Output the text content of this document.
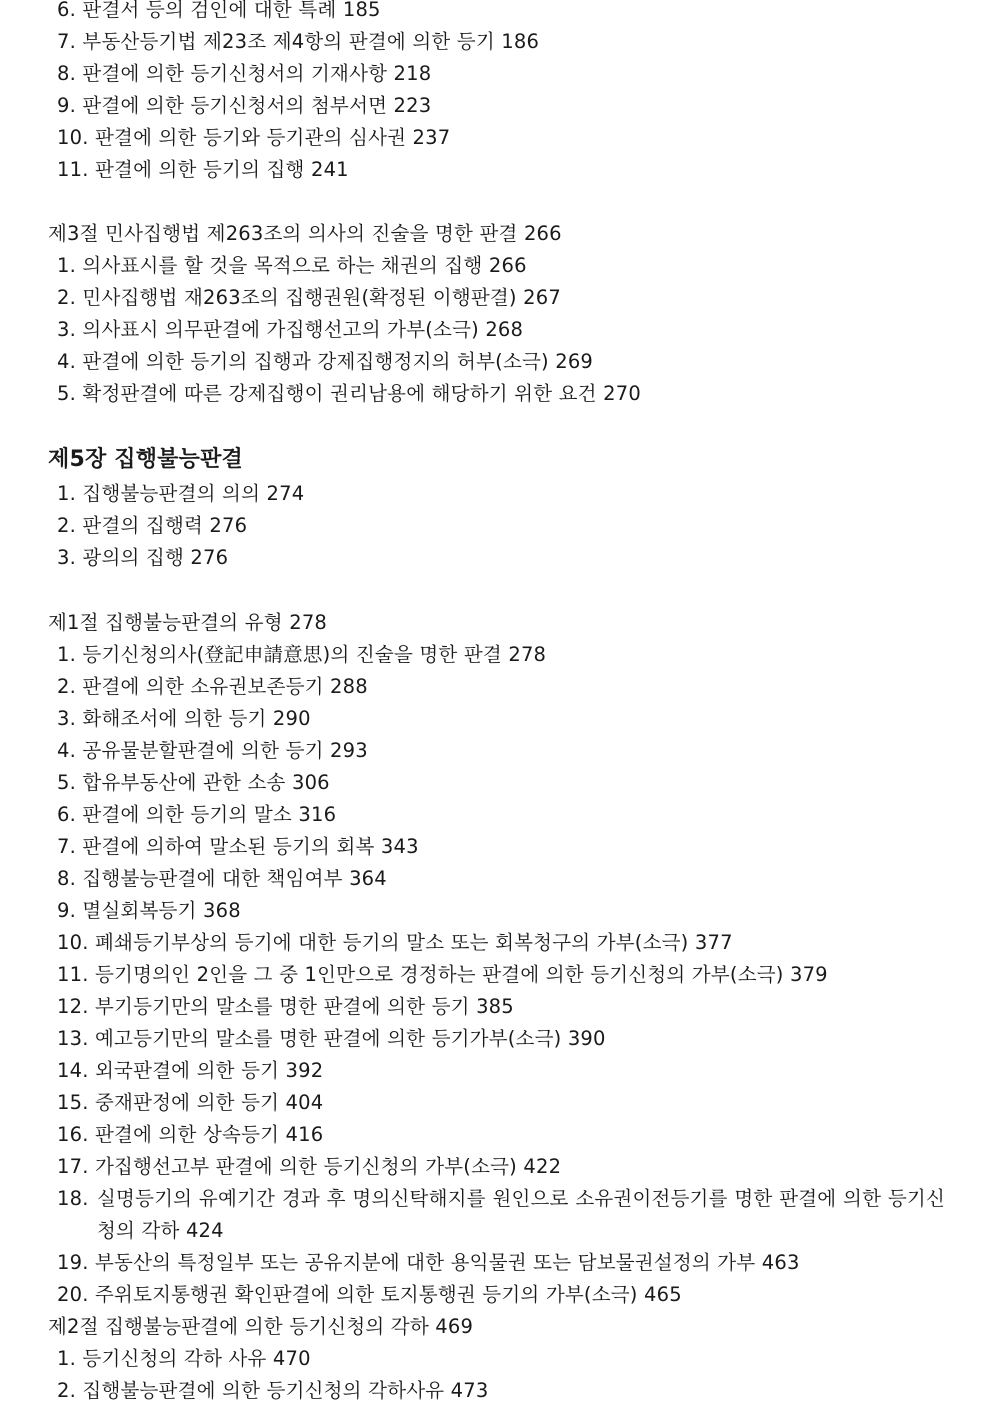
6. 판결서 등의 검인에 대한 특례 185
7. 부동산등기법 제23조 제4항의 판결에 의한 등기 186
8. 판결에 의한 등기신청서의 기재사항 218
9. 판결에 의한 등기신청서의 첨부서면 223
10. 판결에 의한 등기와 등기관의 심사권 237
11. 판결에 의한 등기의 집행 241
제3절 민사집행법 제263조의 의사의 진술을 명한 판결 266
1. 의사표시를 할 것을 목적으로 하는 채권의 집행 266
2. 민사집행법 재263조의 집행권원(확정된 이행판결) 267
3. 의사표시 의무판결에 가집행선고의 가부(소극) 268
4. 판결에 의한 등기의 집행과 강제집행정지의 허부(소극) 269
5. 확정판결에 따른 강제집행이 권리남용에 해당하기 위한 요건 270
제5장 집행불능판결
1. 집행불능판결의 의의 274
2. 판결의 집행력 276
3. 광의의 집행 276
제1절 집행불능판결의 유형 278
1. 등기신청의사(登記申請意思)의 진술을 명한 판결 278
2. 판결에 의한 소유권보존등기 288
3. 화해조서에 의한 등기 290
4. 공유물분할판결에 의한 등기 293
5. 합유부동산에 관한 소송 306
6. 판결에 의한 등기의 말소 316
7. 판결에 의하여 말소된 등기의 회복 343
8. 집행불능판결에 대한 책임여부 364
9. 멸실회복등기 368
10. 폐쇄등기부상의 등기에 대한 등기의 말소 또는 회복청구의 가부(소극) 377
11. 등기명의인 2인을 그 중 1인만으로 경정하는 판결에 의한 등기신청의 가부(소극) 379
12. 부기등기만의 말소를 명한 판결에 의한 등기 385
13. 예고등기만의 말소를 명한 판결에 의한 등기가부(소극) 390
14. 외국판결에 의한 등기 392
15. 중재판정에 의한 등기 404
16. 판결에 의한 상속등기 416
17. 가집행선고부 판결에 의한 등기신청의 가부(소극) 422
18. 실명등기의 유예기간 경과 후 명의신탁해지를 원인으로 소유권이전등기를 명한 판결에 의한 등기신청의 각하 424
19. 부동산의 특정일부 또는 공유지분에 대한 용익물권 또는 담보물권설정의 가부 463
20. 주위토지통행권 확인판결에 의한 토지통행권 등기의 가부(소극) 465
제2절 집행불능판결에 의한 등기신청의 각하 469
1. 등기신청의 각하 사유 470
2. 집행불능판결에 의한 등기신청의 각하사유 473
